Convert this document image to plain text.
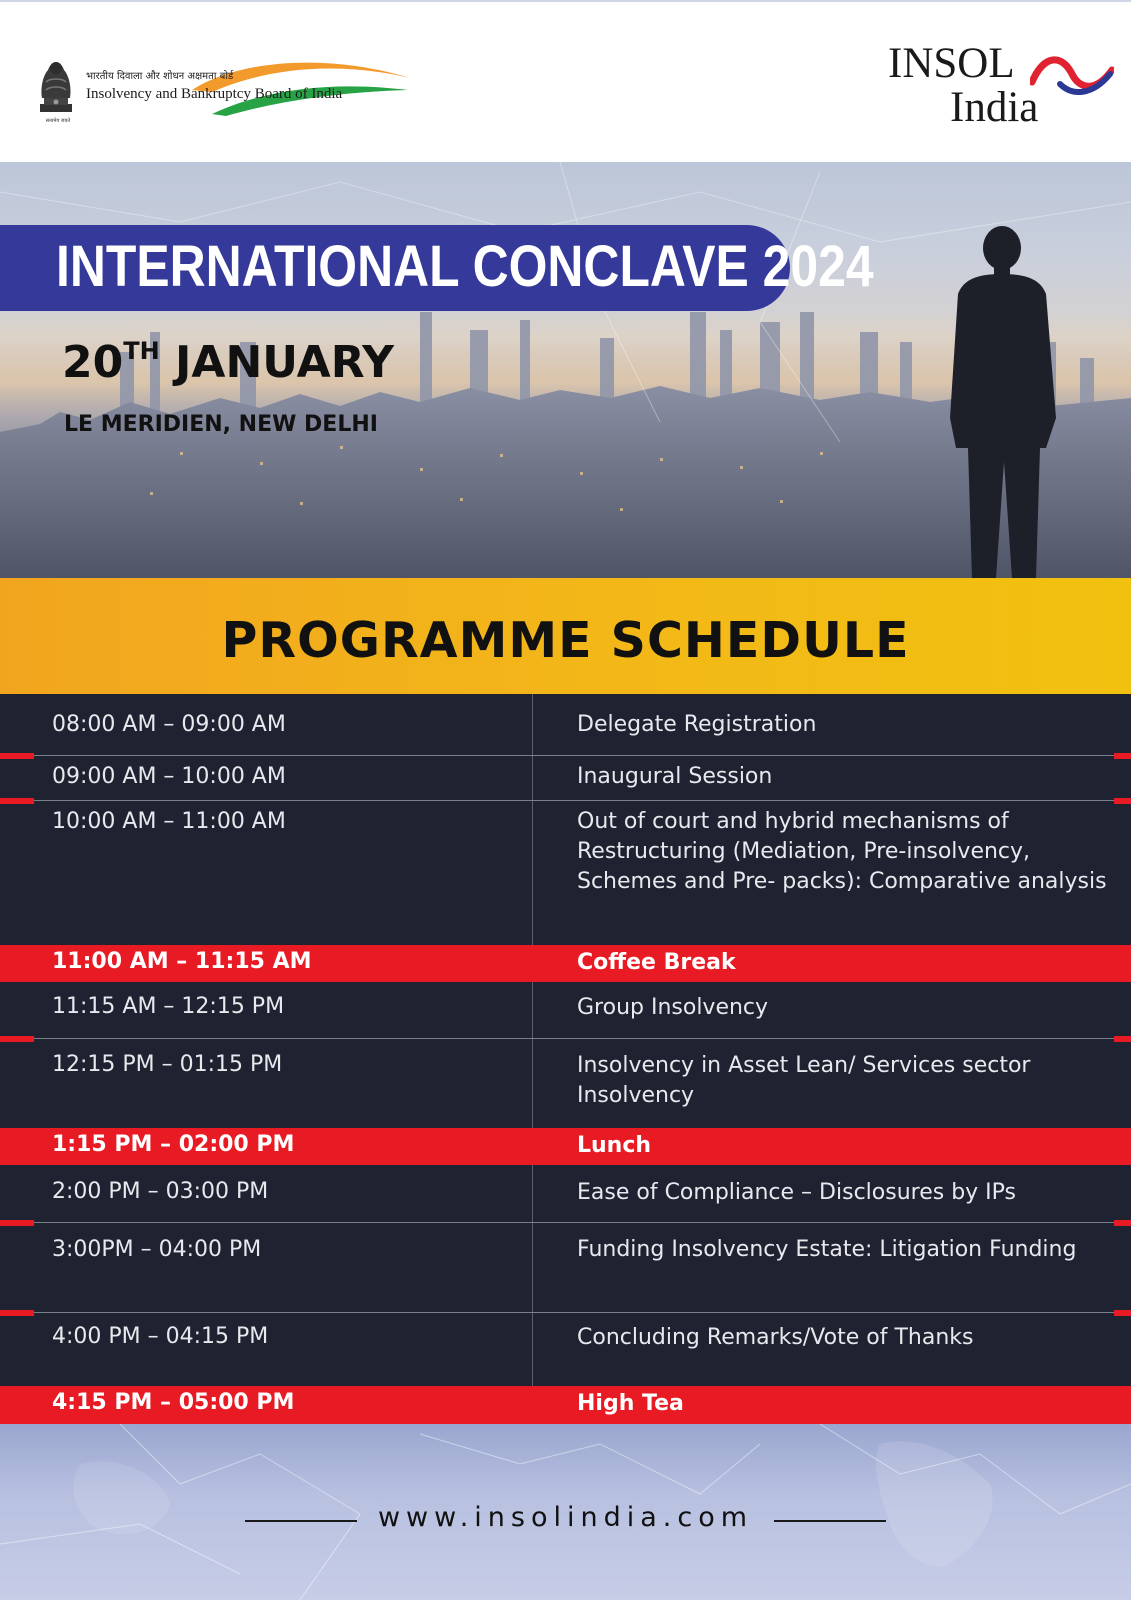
सत्यमेव जयते
भारतीय दिवाला और शोधन अक्षमता बोर्ड
Insolvency and Bankruptcy Board of India
INSOL
India
INTERNATIONAL CONCLAVE 2024
20TH JANUARY
LE MERIDIEN, NEW DELHI
PROGRAMME SCHEDULE
08:00 AM – 09:00 AM	Delegate Registration
09:00 AM – 10:00 AM	Inaugural Session
10:00 AM – 11:00 AM	Out of court and hybrid mechanisms of Restructuring (Mediation, Pre-insolvency, Schemes and Pre- packs): Comparative analysis
11:00 AM – 11:15 AM	Coffee Break
11:15 AM – 12:15 PM	Group Insolvency
12:15 PM – 01:15 PM	Insolvency in Asset Lean/ Services sector Insolvency
1:15 PM – 02:00 PM	Lunch
2:00 PM – 03:00 PM	Ease of Compliance – Disclosures by IPs
3:00PM – 04:00 PM	Funding Insolvency Estate: Litigation Funding
4:00 PM – 04:15 PM	Concluding Remarks/Vote of Thanks
4:15 PM – 05:00 PM	High Tea
www.insolindia.com
